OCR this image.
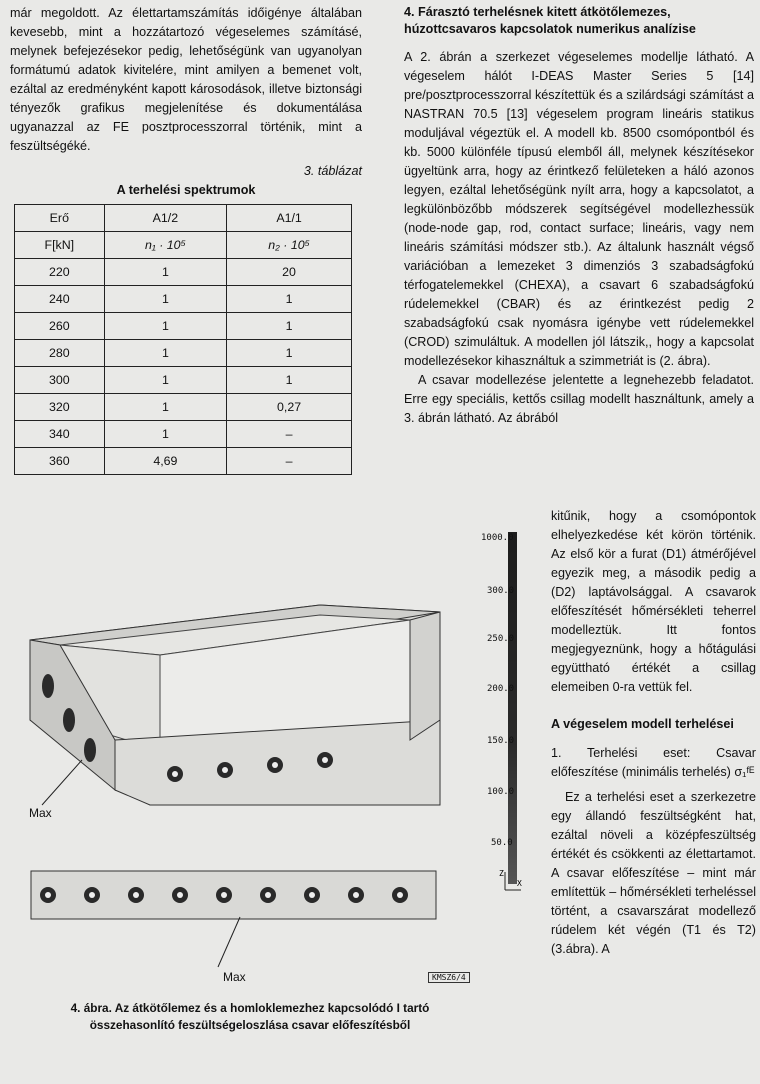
már megoldott. Az élettartamszámítás időigénye általában kevesebb, mint a hozzátartozó végeselemes számításé, melynek befejezésekor pedig, lehetőségünk van ugyanolyan formátumú adatok kivitelére, mint amilyen a bemenet volt, ezáltal az eredményként kapott károsodások, illetve biztonsági tényezők grafikus megjelenítése és dokumentálása ugyanazzal az FE posztprocesszorral történik, mint a feszültségéké.

3. táblázat

A terhelési spektrumok

Erő	A1/2	A1/1
F[kN]	n₁ · 10⁵	n₂ · 10⁵
220	1	20
240	1	1
260	1	1
280	1	1
300	1	1
320	1	0,27
340	1	–
360	4,69	–

4. Fárasztó terhelésnek kitett átkötőlemezes, húzottcsavaros kapcsolatok numerikus analízise

A 2. ábrán a szerkezet végeselemes modellje látható. A végeselem hálót I-DEAS Master Series 5 [14] pre/posztprocesszorral készítettük és a szilárdsági számítást a NASTRAN 70.5 [13] végeselem program lineáris statikus moduljával végeztük el. A modell kb. 8500 csomópontból és kb. 5000 különféle típusú elemből áll, melynek készítésekor ügyeltünk arra, hogy az érintkező felületeken a háló azonos legyen, ezáltal lehetőségünk nyílt arra, hogy a kapcsolatot, a legkülönbözőbb módszerek segítségével modellezhessük (node-node gap, rod, contact surface; lineáris, vagy nem lineáris számítási módszer stb.). Az általunk használt végső variációban a lemezeket 3 dimenziós 3 szabadságfokú térfogatelemekkel (CHEXA), a csavart 6 szabadságfokú rúdelemekkel (CBAR) és az érintkezést pedig 2 szabadságfokú csak nyomásra igénybe vett rúdelemekkel (CROD) szimuláltuk. A modellen jól látszik,, hogy a kapcsolat modellezésekor kihasználtuk a szimmetriát is (2. ábra).

A csavar modellezése jelentette a legnehezebb feladatot. Erre egy speciális, kettős csillag modellt használtunk, amely a 3. ábrán látható. Az ábrából

kitűnik, hogy a csomópontok elhelyezkedése két körön történik. Az első kör a furat (D1) átmérőjével egyezik meg, a második pedig a (D2) laptávolsággal. A csavarok előfeszítését hőmérsékleti teherrel modelleztük. Itt fontos megjegyeznünk, hogy a hőtágulási együttható értékét a csillag elemeiben 0-ra vettük fel.

A végeselem modell terhelései

1. Terhelési eset: Csavar előfeszítése (minimális terhelés) σ₁ᶠᴱ

Ez a terhelési eset a szerkezetre egy állandó feszültségként hat, ezáltal növeli a középfeszültség értékét és csökkenti az élettartamot. A csavar előfeszítése – mint már említettük – hőmérsékleti terheléssel történt, a csavarszárat modellező rúdelem két végén (T1 és T2) (3.ábra). A

1000.0
300.0
250.0
200.0
150.0
100.0
50.0
Z
X
Max
Max	KMSZ6/4
4. ábra. Az átkötőlemez és a homloklemezhez kapcsolódó I tartó összehasonlító feszültségeloszlása csavar előfeszítésből
